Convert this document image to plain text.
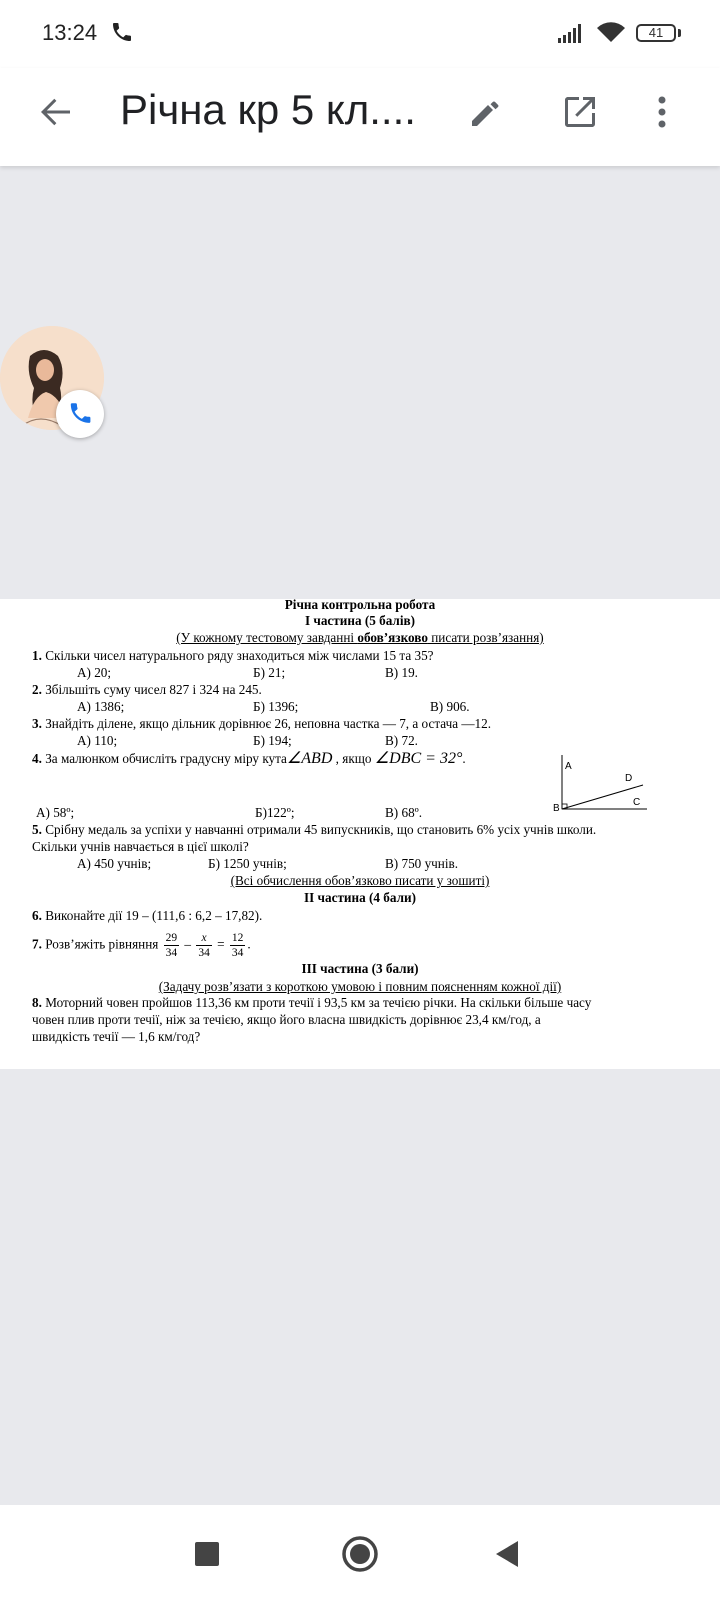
13:24	41
Річна кр 5 кл....
Річна контрольна робота
І частина (5 балів)
(У кожному тестовому завданні обов’язково писати розв’язання)
1. Скільки чисел натурального ряду знаходиться між числами 15 та 35?
А) 20;	Б) 21;	В) 19.
2. Збільшіть суму чисел 827 і 324 на 245.
А) 1386;	Б) 1396;	В) 906.
3. Знайдіть ділене, якщо дільник дорівнює 26, неповна частка — 7, а остача —12.
А) 110;	Б) 194;	В) 72.
4. За малюнком обчисліть градусну міру кута∠ABD , якщо ∠DBC = 32°.
A
D
B
C
А) 58º;	Б)122º;	В) 68º.
5. Срібну медаль за успіхи у навчанні отримали 45 випускників, що становить 6% усіх учнів школи.
Скільки учнів навчається в цієї школі?
А) 450 учнів;	Б) 1250 учнів;	В) 750 учнів.
(Всі обчислення обов’язково писати у зошиті)
ІІ частина (4 бали)
6. Виконайте дії 19 – (111,6 : 6,2 – 17,82).
7. Розв’яжіть рівняння $\frac{29}{34} - \frac{x}{34} = \frac{12}{34}$ .
ІІІ частина (3 бали)
(Задачу розв’язати з короткою умовою і повним поясненням кожної дії)
8. Моторний човен пройшов 113,36 км проти течії і 93,5 км за течією річки. На скільки більше часу
човен плив проти течії, ніж за течією, якщо його власна швидкість дорівнює 23,4 км/год, а
швидкість течії — 1,6 км/год?
